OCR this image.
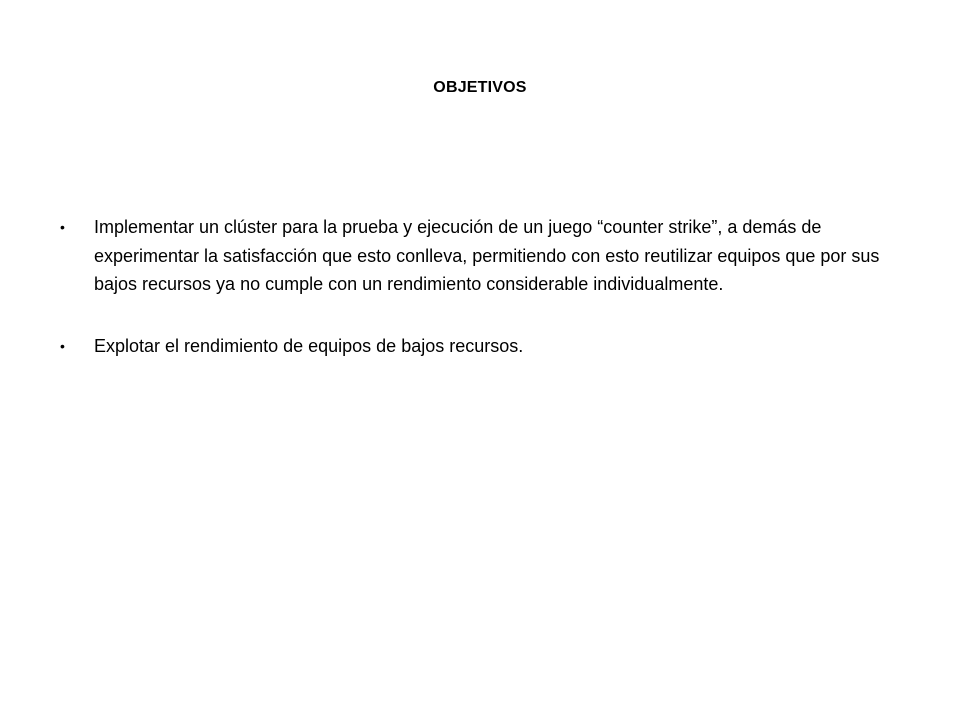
OBJETIVOS
• Implementar un clúster para la prueba y ejecución de un juego “counter strike”, a demás de experimentar la satisfacción que esto conlleva, permitiendo con esto reutilizar equipos que por sus bajos recursos ya no cumple con un rendimiento considerable individualmente.
• Explotar el rendimiento de equipos de bajos recursos.
